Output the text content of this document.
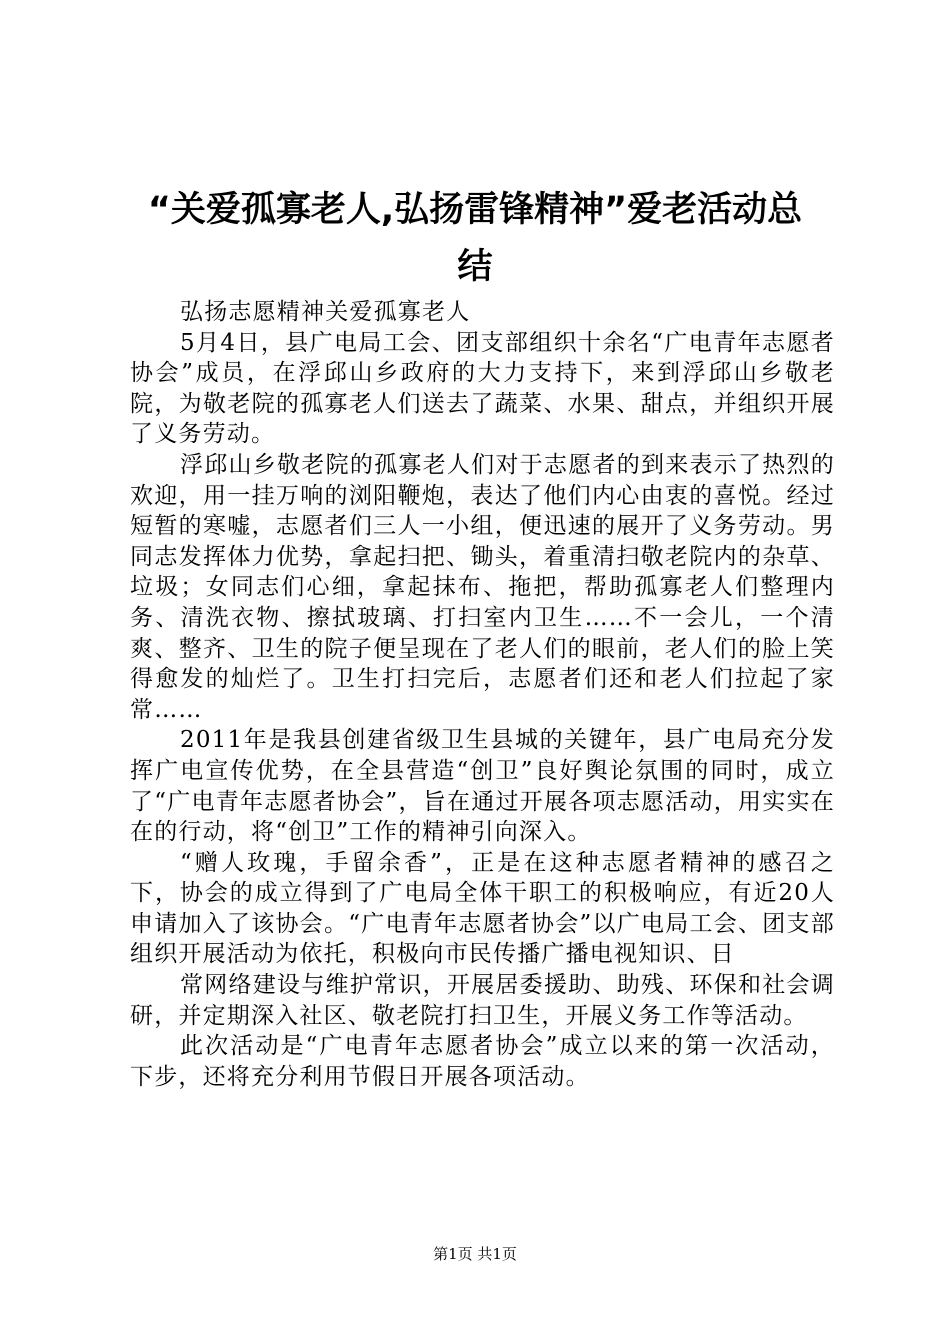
“关爱孤寡老人,弘扬雷锋精神”爱老活动总
结

弘扬志愿精神关爱孤寡老人

5月4日，县广电局工会、团支部组织十余名“广电青年志愿者协会”成员，在浮邱山乡政府的大力支持下，来到浮邱山乡敬老院，为敬老院的孤寡老人们送去了蔬菜、水果、甜点，并组织开展了义务劳动。

浮邱山乡敬老院的孤寡老人们对于志愿者的到来表示了热烈的欢迎，用一挂万响的浏阳鞭炮，表达了他们内心由衷的喜悦。经过短暂的寒嘘，志愿者们三人一小组，便迅速的展开了义务劳动。男同志发挥体力优势，拿起扫把、锄头，着重清扫敬老院内的杂草、垃圾；女同志们心细，拿起抹布、拖把，帮助孤寡老人们整理内务、清洗衣物、擦拭玻璃、打扫室内卫生……不一会儿，一个清爽、整齐、卫生的院子便呈现在了老人们的眼前，老人们的脸上笑得愈发的灿烂了。卫生打扫完后，志愿者们还和老人们拉起了家常……

2011年是我县创建省级卫生县城的关键年，县广电局充分发挥广电宣传优势，在全县营造“创卫”良好舆论氛围的同时，成立了“广电青年志愿者协会”，旨在通过开展各项志愿活动，用实实在在的行动，将“创卫”工作的精神引向深入。

“赠人玫瑰，手留余香”，正是在这种志愿者精神的感召之下，协会的成立得到了广电局全体干职工的积极响应，有近20人申请加入了该协会。“广电青年志愿者协会”以广电局工会、团支部组织开展活动为依托，积极向市民传播广播电视知识、日

常网络建设与维护常识，开展居委援助、助残、环保和社会调研，并定期深入社区、敬老院打扫卫生，开展义务工作等活动。

此次活动是“广电青年志愿者协会”成立以来的第一次活动，下步，还将充分利用节假日开展各项活动。

第1页 共1页
